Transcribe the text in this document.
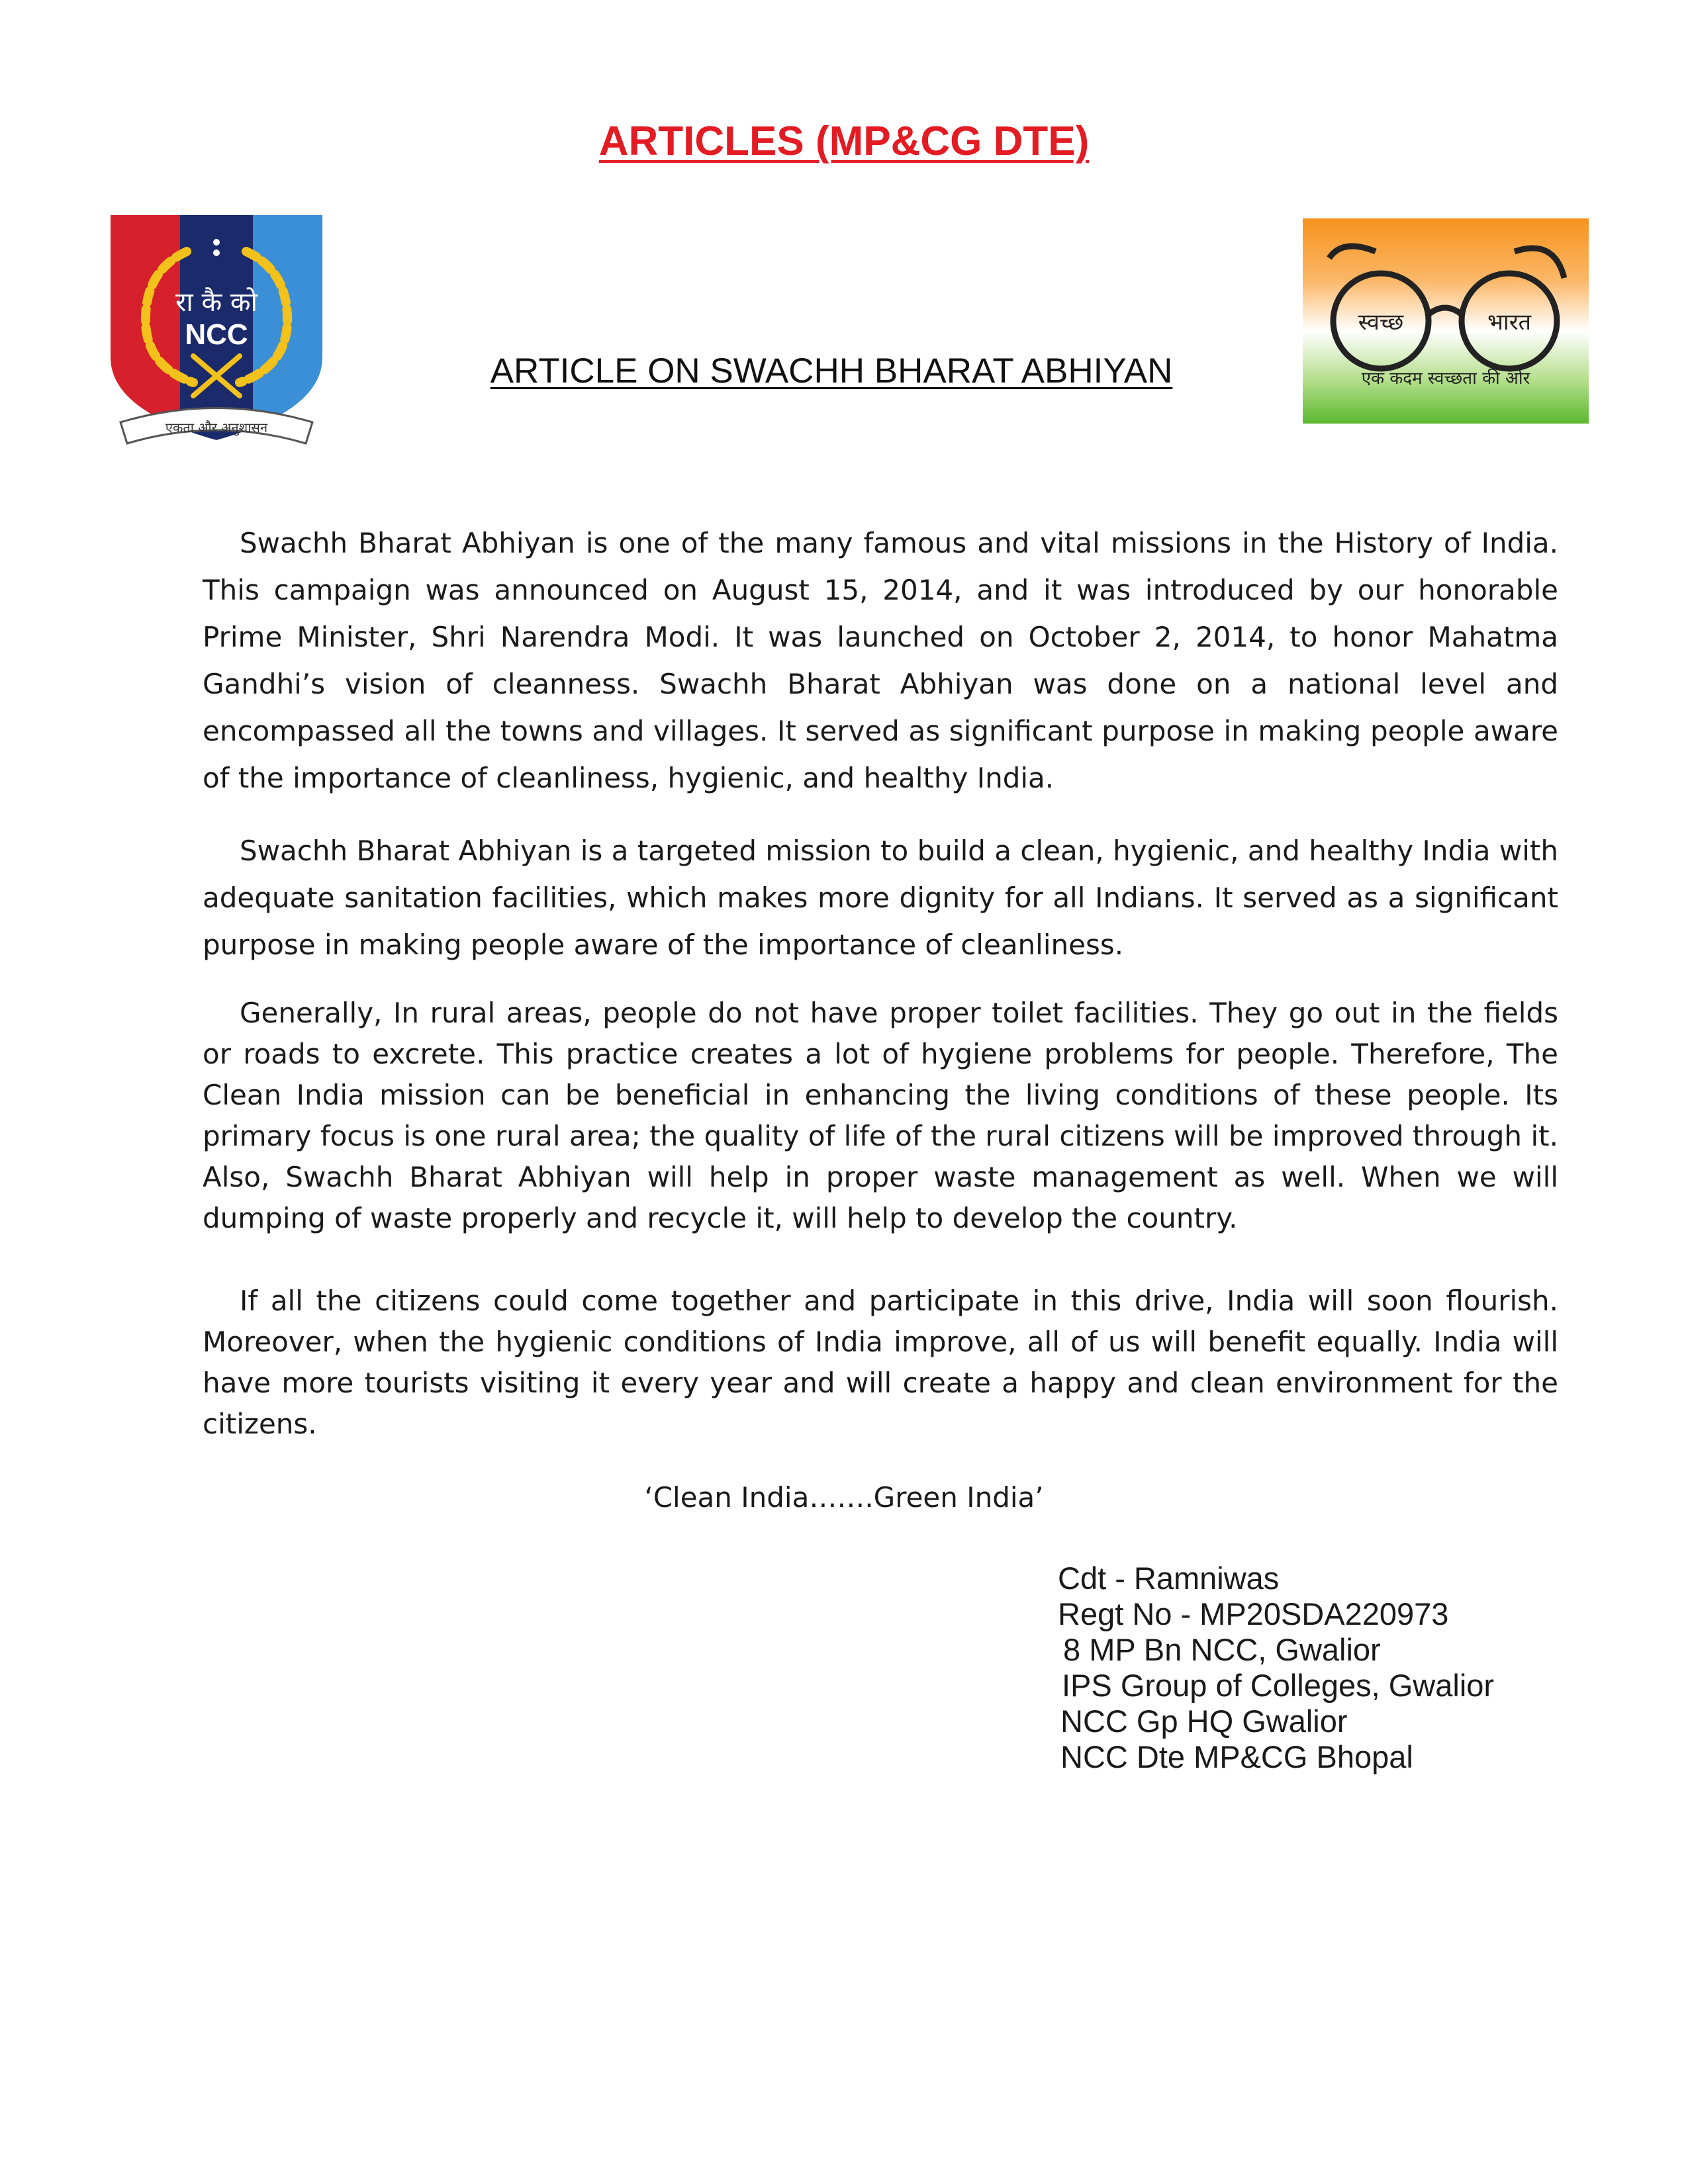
ARTICLES (MP&CG DTE)
रा कै को
NCC
एकता और अनुशासन
स्वच्छ	भारत
एक कदम स्वच्छता की ओर
ARTICLE ON SWACHH BHARAT ABHIYAN

Swachh Bharat Abhiyan is one of the many famous and vital missions in the History of India. This campaign was announced on August 15, 2014, and it was introduced by our honorable Prime Minister, Shri Narendra Modi. It was launched on October 2, 2014, to honor Mahatma Gandhi’s vision of cleanness. Swachh Bharat Abhiyan was done on a national level and encompassed all the towns and villages. It served as significant purpose in making people aware of the importance of cleanliness, hygienic, and healthy India.

Swachh Bharat Abhiyan is a targeted mission to build a clean, hygienic, and healthy India with adequate sanitation facilities, which makes more dignity for all Indians. It served as a significant purpose in making people aware of the importance of cleanliness.

Generally, In rural areas, people do not have proper toilet facilities. They go out in the fields or roads to excrete. This practice creates a lot of hygiene problems for people. Therefore, The Clean India mission can be beneficial in enhancing the living conditions of these people. Its primary focus is one rural area; the quality of life of the rural citizens will be improved through it. Also, Swachh Bharat Abhiyan will help in proper waste management as well. When we will dumping of waste properly and recycle it, will help to develop the country.

If all the citizens could come together and participate in this drive, India will soon flourish. Moreover, when the hygienic conditions of India improve, all of us will benefit equally. India will have more tourists visiting it every year and will create a happy and clean environment for the citizens.

‘Clean India…….Green India’
Cdt - Ramniwas
Regt No - MP20SDA220973
8 MP Bn NCC, Gwalior
IPS Group of Colleges, Gwalior
NCC Gp HQ Gwalior
NCC Dte MP&CG Bhopal
